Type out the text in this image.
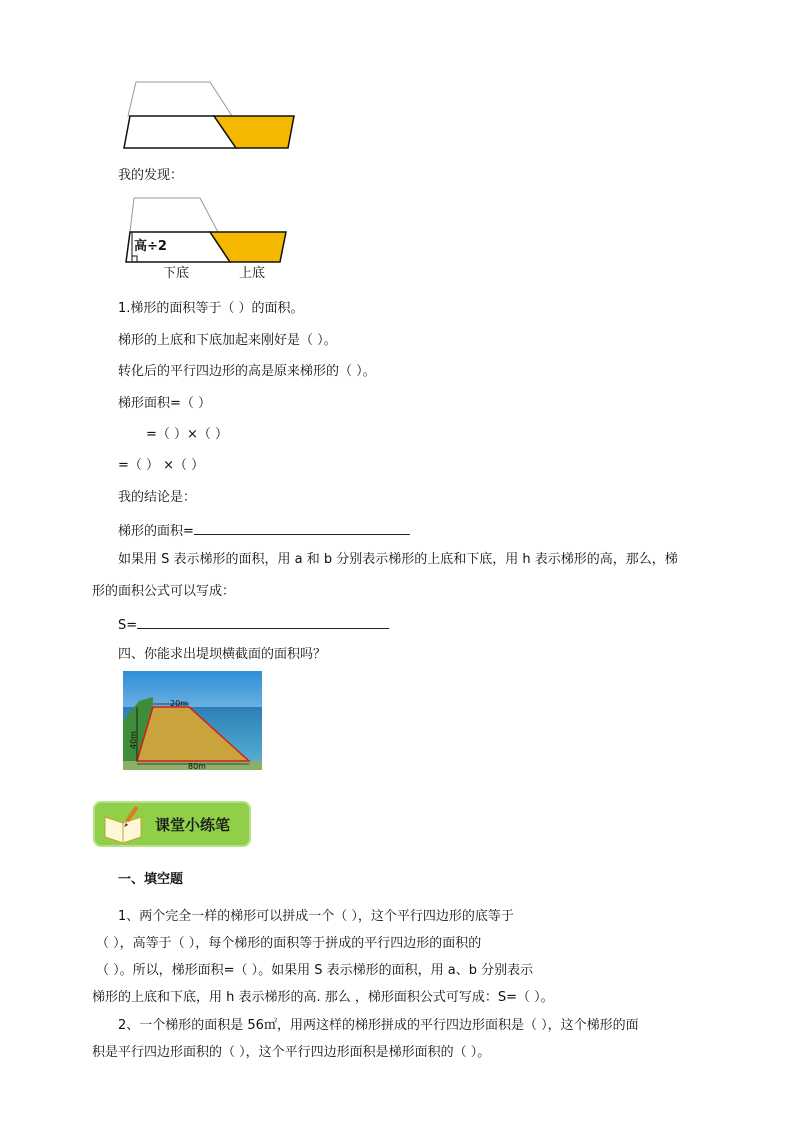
我的发现：
高÷2
下底	上底
1.梯形的面积等于（ ）的面积。
梯形的上底和下底加起来刚好是（ ）。
转化后的平行四边形的高是原来梯形的（ ）。
梯形面积=（ ）
=（ ）×（ ）
=（ ） ×（ ）
我的结论是：
梯形的面积=
如果用 S 表示梯形的面积，用 a 和 b 分别表示梯形的上底和下底，用 h 表示梯形的高，那么，梯
形的面积公式可以写成：
S=
四、你能求出堤坝横截面的面积吗？
20m
40m
80m
课堂小练笔
一、填空题
1、两个完全一样的梯形可以拼成一个（ ），这个平行四边形的底等于
（ ），高等于（ ），每个梯形的面积等于拼成的平行四边形的面积的
（ ）。所以，梯形面积=（ ）。如果用 S 表示梯形的面积，用 a、b 分别表示
梯形的上底和下底，用 h 表示梯形的高. 那么 ，梯形面积公式可写成：S=（ ）。
2、一个梯形的面积是 56㎡，用两这样的梯形拼成的平行四边形面积是（ ），这个梯形的面
积是平行四边形面积的（ ），这个平行四边形面积是梯形面积的（ ）。
